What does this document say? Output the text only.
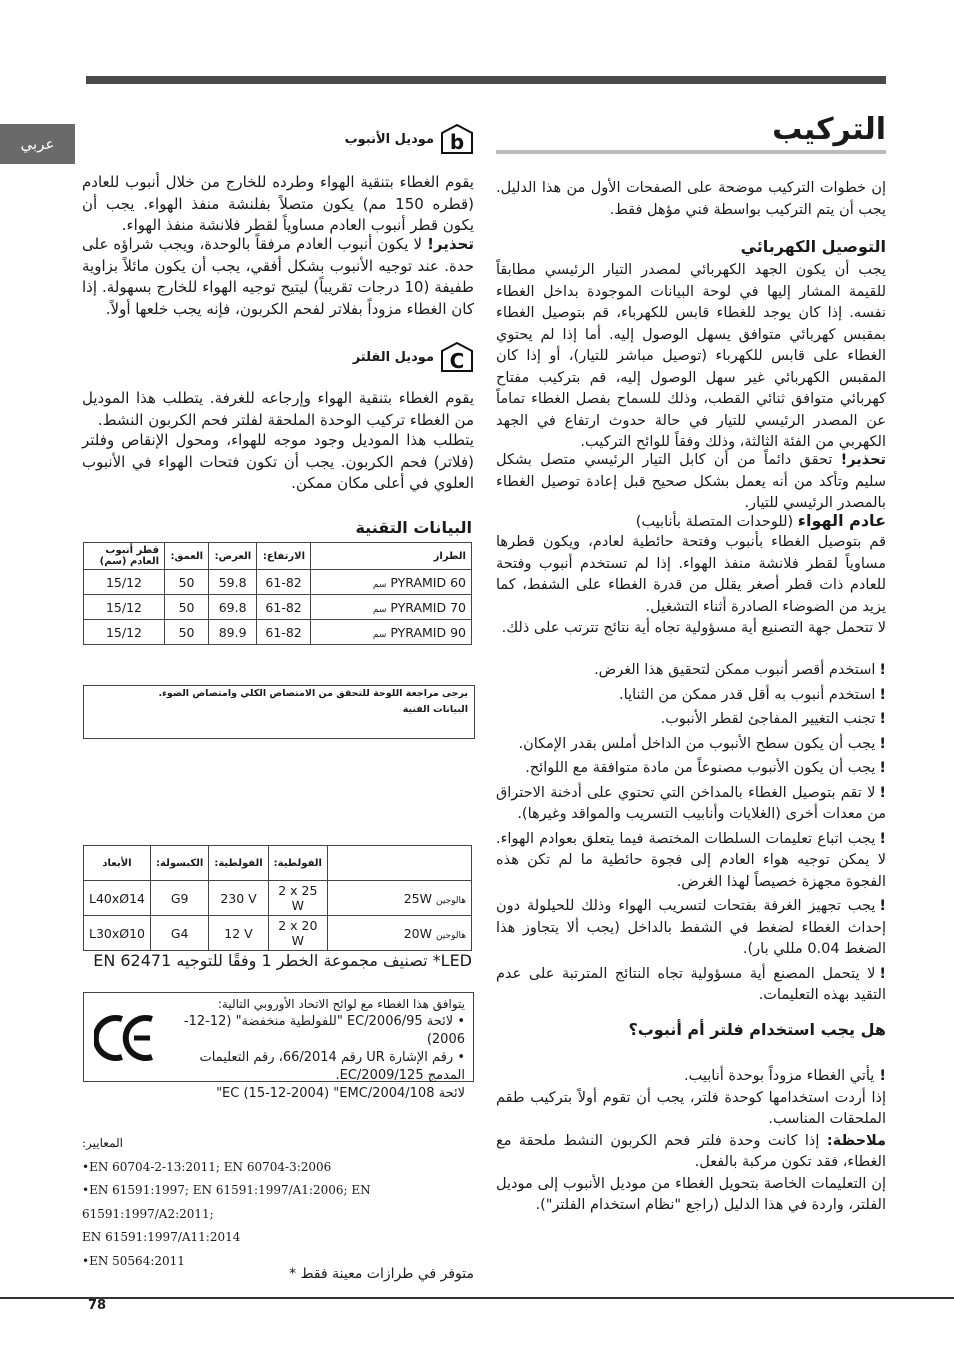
عربي
78
التركيب
إن خطوات التركيب موضحة على الصفحات الأول من هذا الدليل. يجب أن يتم التركيب بواسطة فني مؤهل فقط.
التوصيل الكهربائي
يجب أن يكون الجهد الكهربائي لمصدر التيار الرئيسي مطابقاً للقيمة المشار إليها في لوحة البيانات الموجودة بداخل الغطاء نفسه. إذا كان يوجد للغطاء قابس للكهرباء، قم بتوصيل الغطاء بمقبس كهربائي متوافق يسهل الوصول إليه. أما إذا لم يحتوي الغطاء على قابس للكهرباء (توصيل مباشر للتيار)، أو إذا كان المقبس الكهربائي غير سهل الوصول إليه، قم بتركيب مفتاح كهربائي متوافق ثنائي القطب، وذلك للسماح بفصل الغطاء تماماً عن المصدر الرئيسي للتيار في حالة حدوث ارتفاع في الجهد الكهربي من الفئة الثالثة، وذلك وفقاً للوائح التركيب.
تحذير! تحقق دائماً من أن كابل التيار الرئيسي متصل بشكل سليم وتأكد من أنه يعمل بشكل صحيح قبل إعادة توصيل الغطاء بالمصدر الرئيسي للتيار.
عادم الهواء (للوحدات المتصلة بأنابيب)
قم بتوصيل الغطاء بأنبوب وفتحة حائطية لعادم، ويكون قطرها مساوياً لقطر فلانشة منفذ الهواء. إذا لم تستخدم أنبوب وفتحة للعادم ذات قطر أصغر يقلل من قدرة الغطاء على الشفط، كما يزيد من الضوضاء الصادرة أثناء التشغيل.
لا تتحمل جهة التصنيع أية مسؤولية تجاه أية نتائج تترتب على ذلك.
!استخدم أقصر أنبوب ممكن لتحقيق هذا الغرض.
!استخدم أنبوب به أقل قدر ممكن من الثنايا.
!تجنب التغيير المفاجئ لقطر الأنبوب.
!يجب أن يكون سطح الأنبوب من الداخل أملس بقدر الإمكان.
!يجب أن يكون الأنبوب مصنوعاً من مادة متوافقة مع اللوائح.
!لا تقم بتوصيل الغطاء بالمداخن التي تحتوي على أدخنة الاحتراق من معدات أخرى (الغلايات وأنابيب التسريب والمواقد وغيرها).
!يجب اتباع تعليمات السلطات المختصة فيما يتعلق بعوادم الهواء. لا يمكن توجيه هواء العادم إلى فجوة حائطية ما لم تكن هذه الفجوة مجهزة خصيصاً لهذا الغرض.
!يجب تجهيز الغرفة بفتحات لتسريب الهواء وذلك للحيلولة دون إحداث الغطاء لضغط في الشفط بالداخل (يجب ألا يتجاوز هذا الضغط 0.04 مللي بار).
!لا يتحمل المصنع أية مسؤولية تجاه النتائج المترتبة على عدم التقيد بهذه التعليمات.
هل يجب استخدام فلتر أم أنبوب؟
! يأتي الغطاء مزوداً بوحدة أنابيب.
إذا أردت استخدامها كوحدة فلتر، يجب أن تقوم أولاً بتركيب طقم الملحقات المناسب.
ملاحظة: إذا كانت وحدة فلتر فحم الكربون النشط ملحقة مع الغطاء، فقد تكون مركبة بالفعل.
إن التعليمات الخاصة بتحويل الغطاء من موديل الأنبوب إلى موديل الفلتر، واردة في هذا الدليل (راجع "نظام استخدام الفلتر").
b
موديل الأنبوب
يقوم الغطاء بتنقية الهواء وطرده للخارج من خلال أنبوب للعادم (قطره 150 مم) يكون متصلاً بفلنشة منفذ الهواء. يجب أن يكون قطر أنبوب العادم مساوياً لقطر فلانشة منفذ الهواء.
تحذير! لا يكون أنبوب العادم مرفقاً بالوحدة، ويجب شراؤه على حدة. عند توجيه الأنبوب بشكل أفقي، يجب أن يكون مائلاً بزاوية طفيفة (10 درجات تقريباً) ليتيح توجيه الهواء للخارج بسهولة. إذا كان الغطاء مزوداً بفلاتر لفحم الكربون، فإنه يجب خلعها أولاً.
C
موديل الفلتر
يقوم الغطاء بتنقية الهواء وإرجاعه للغرفة. يتطلب هذا الموديل من الغطاء تركيب الوحدة الملحقة لفلتر فحم الكربون النشط.
يتطلب هذا الموديل وجود موجه للهواء، ومحول الإنقاص وفلتر (فلاتر) فحم الكربون. يجب أن تكون فتحات الهواء في الأنبوب العلوي في أعلى مكان ممكن.
البيانات التقنية
الطراز	الارتفاع:	العرض:	العمق:	قطر أنبوب العادم (سم)
PYRAMID 60 سم	61-82	59.8	50	15/12
PYRAMID 70 سم	61-82	69.8	50	15/12
PYRAMID 90 سم	61-82	89.9	50	15/12
يرجى مراجعة اللوحة للتحقق من الامتصاص الكلي وامتصاص الضوء.
البيانات الفنية
	الفولطية:	الفولطية:	الكبسولة:	الأبعاد
هالوجين 25W	2 x 25 W	230 V	G9	L40xØ14
هالوجين 20W	2 x 20 W	12 V	G4	L30xØ10
LED* تصنيف مجموعة الخطر 1 وفقًا للتوجيه EN 62471
يتوافق هذا الغطاء مع لوائح الاتحاد الأوروبي التالية:
• لائحة 2006/95/EC "للفولطية منخفضة" (12-12-2006)
• رقم الإشارة UR رقم 66/2014، رقم التعليمات المدمج EC/2009/125.
لائحة 2004/108/EC (15-12-2004) "EMC"
المعايير:
•EN 60704-2-13:2011; EN 60704-3:2006
•EN 61591:1997; EN 61591:1997/A1:2006; EN 61591:1997/A2:2011;
EN 61591:1997/A11:2014
•EN 50564:2011
متوفر في طرازات معينة فقط *
